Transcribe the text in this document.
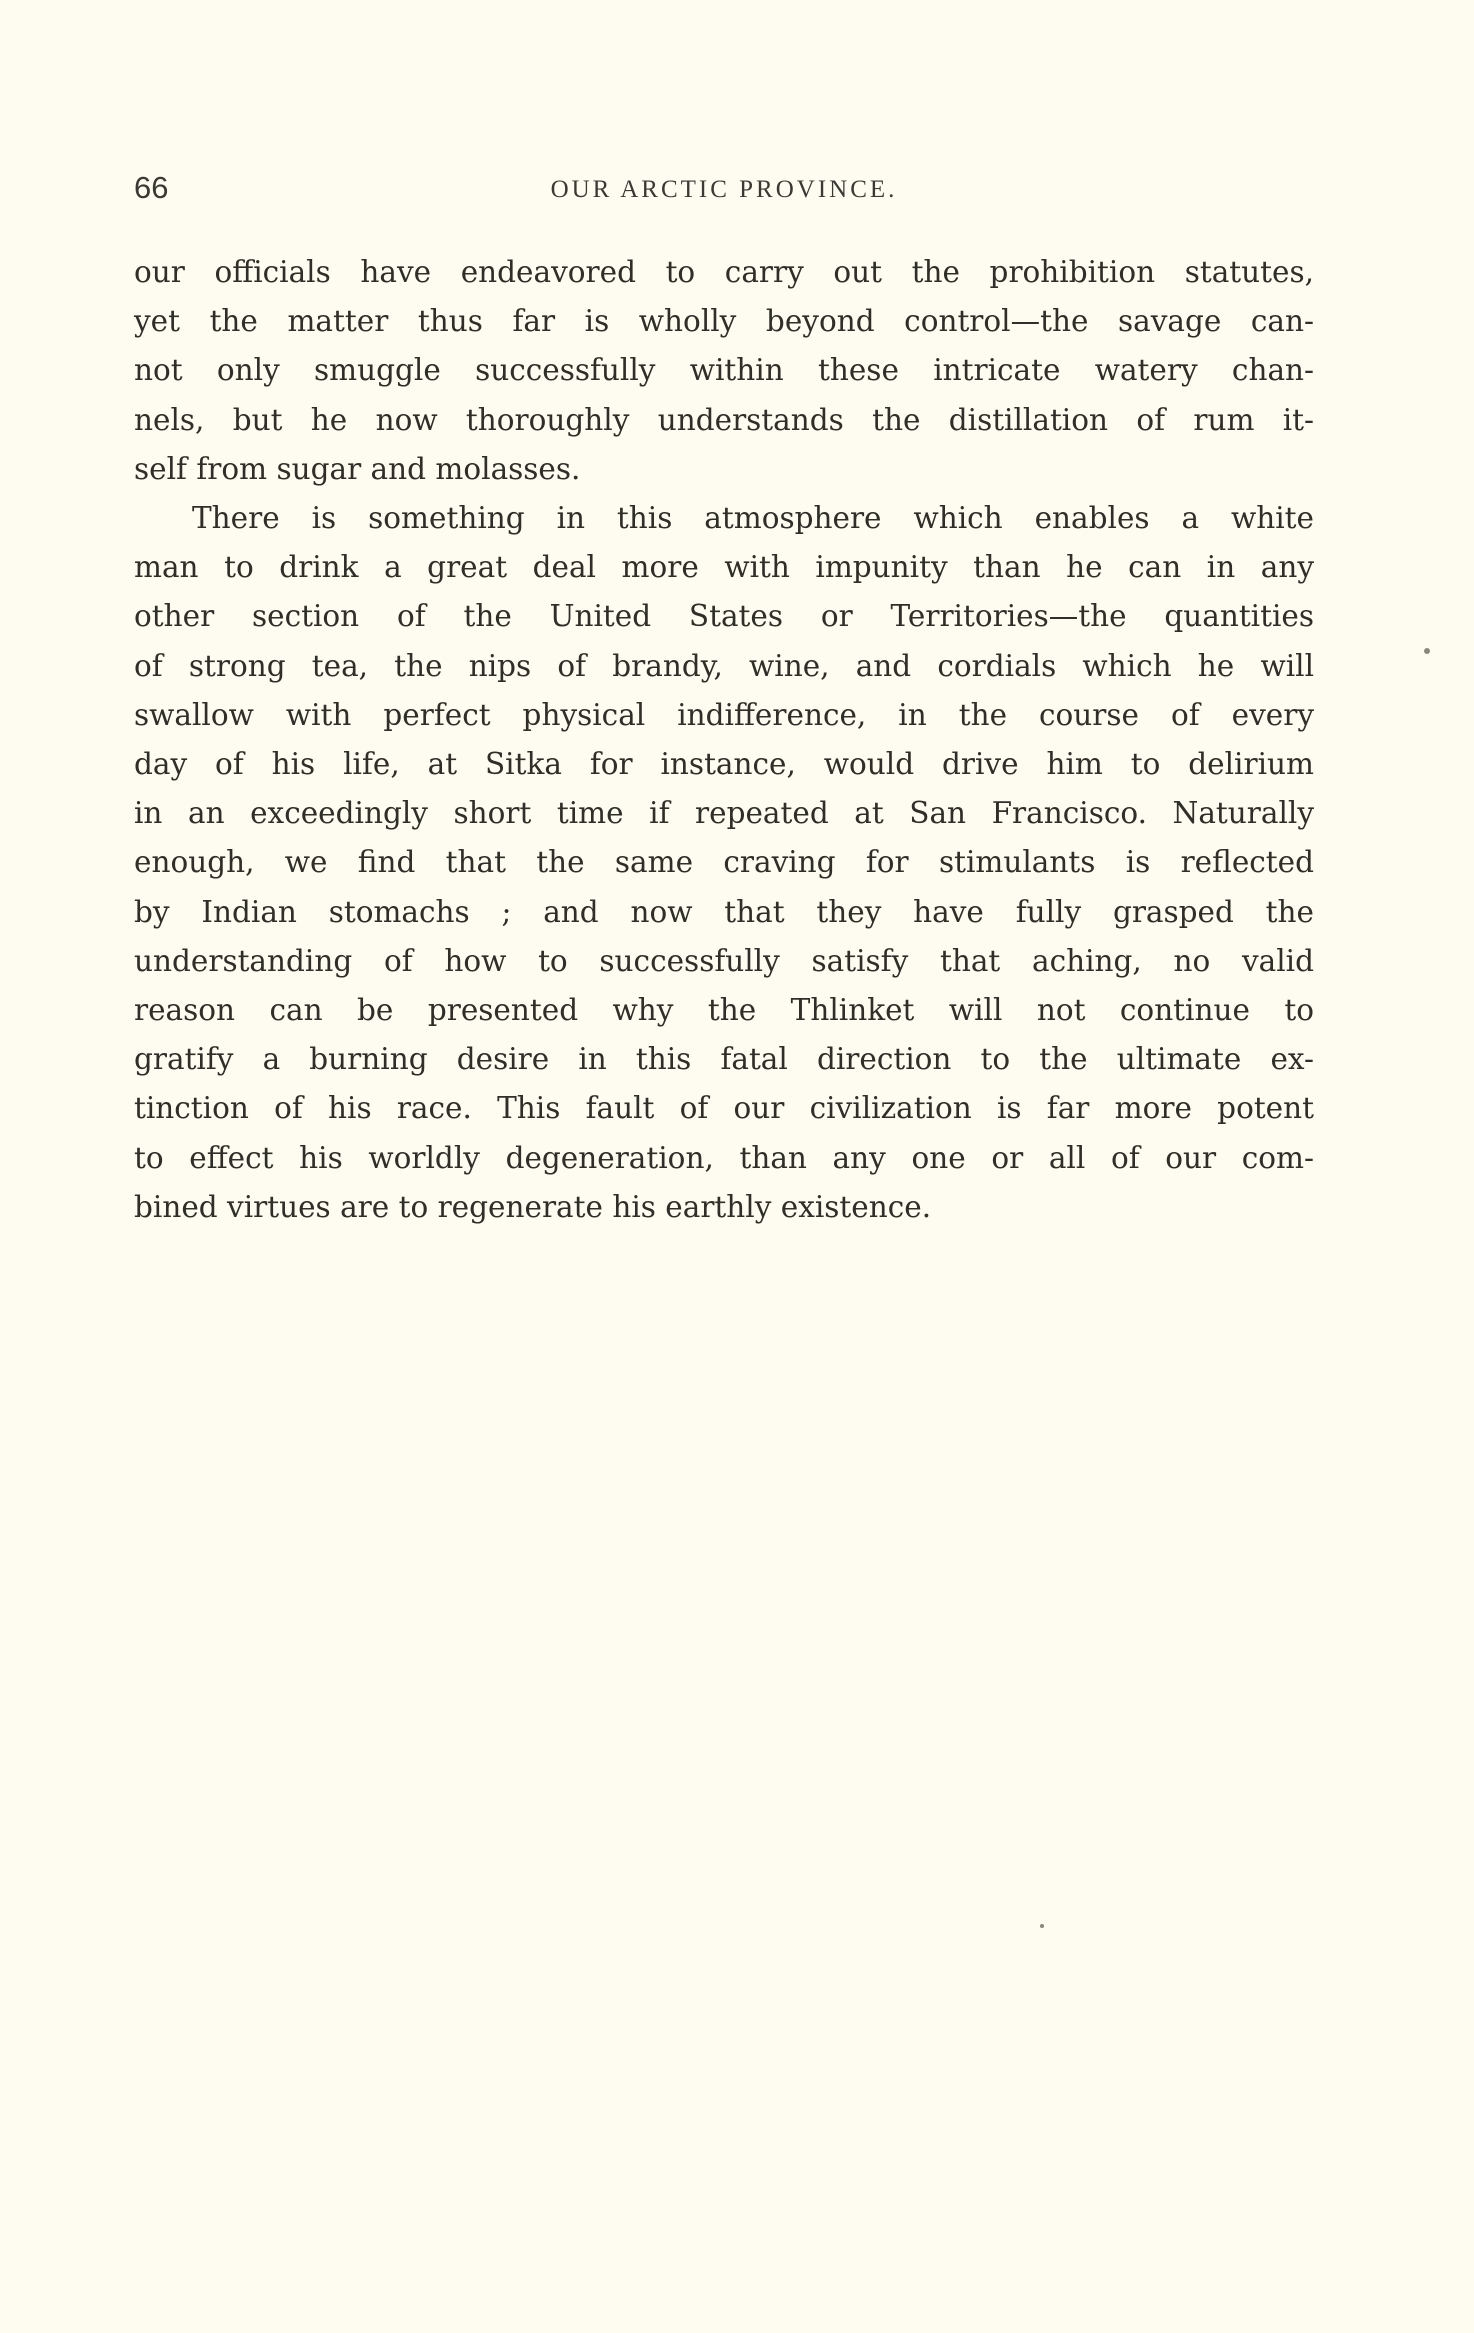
66	OUR ARCTIC PROVINCE.

our officials have endeavored to carry out the prohibition statutes,
yet the matter thus far is wholly beyond control—the savage can-
not only smuggle successfully within these intricate watery chan-
nels, but he now thoroughly understands the distillation of rum it-
self from sugar and molasses.

There is something in this atmosphere which enables a white
man to drink a great deal more with impunity than he can in any
other section of the United States or Territories—the quantities
of strong tea, the nips of brandy, wine, and cordials which he will
swallow with perfect physical indifference, in the course of every
day of his life, at Sitka for instance, would drive him to delirium
in an exceedingly short time if repeated at San Francisco. Naturally
enough, we find that the same craving for stimulants is reflected
by Indian stomachs ; and now that they have fully grasped the
understanding of how to successfully satisfy that aching, no valid
reason can be presented why the Thlinket will not continue to
gratify a burning desire in this fatal direction to the ultimate ex-
tinction of his race. This fault of our civilization is far more potent
to effect his worldly degeneration, than any one or all of our com-
bined virtues are to regenerate his earthly existence.
